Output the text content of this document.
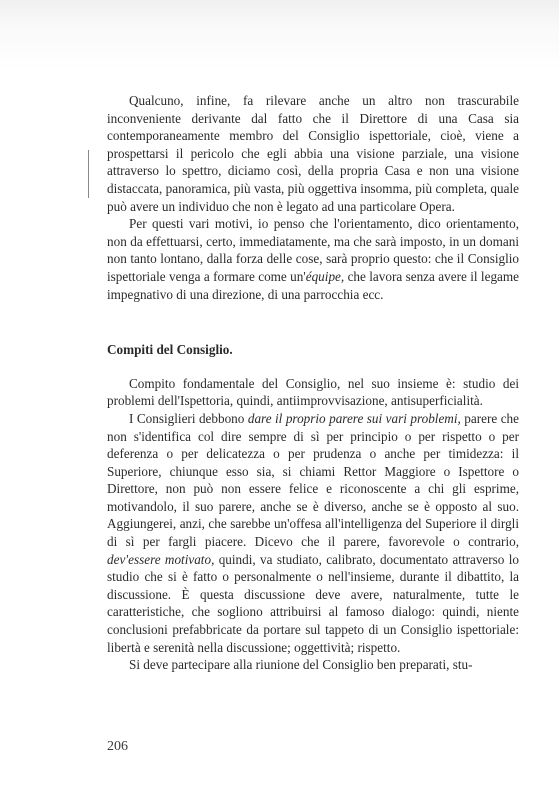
Qualcuno, infine, fa rilevare anche un altro non trascurabile inconveniente derivante dal fatto che il Direttore di una Casa sia contemporaneamente membro del Consiglio ispettoriale, cioè, viene a prospettarsi il pericolo che egli abbia una visione parziale, una visione attraverso lo spettro, diciamo così, della propria Casa e non una visione distaccata, panoramica, più vasta, più oggettiva insomma, più completa, quale può avere un individuo che non è legato ad una particolare Opera.

Per questi vari motivi, io penso che l'orientamento, dico orientamento, non da effettuarsi, certo, immediatamente, ma che sarà imposto, in un domani non tanto lontano, dalla forza delle cose, sarà proprio questo: che il Consiglio ispettoriale venga a formare come un'équipe, che lavora senza avere il legame impegnativo di una direzione, di una parrocchia ecc.

Compiti del Consiglio.

Compito fondamentale del Consiglio, nel suo insieme è: studio dei problemi dell'Ispettoria, quindi, antiimprovvisazione, antisuperficialità.

I Consiglieri debbono dare il proprio parere sui vari problemi, parere che non s'identifica col dire sempre di sì per principio o per rispetto o per deferenza o per delicatezza o per prudenza o anche per timidezza: il Superiore, chiunque esso sia, si chiami Rettor Maggiore o Ispettore o Direttore, non può non essere felice e riconoscente a chi gli esprime, motivandolo, il suo parere, anche se è diverso, anche se è opposto al suo. Aggiungerei, anzi, che sarebbe un'offesa all'intelligenza del Superiore il dirgli di sì per fargli piacere. Dicevo che il parere, favorevole o contrario, dev'essere motivato, quindi, va studiato, calibrato, documentato attraverso lo studio che si è fatto o personalmente o nell'insieme, durante il dibattito, la discussione. È questa discussione deve avere, naturalmente, tutte le caratteristiche, che sogliono attribuirsi al famoso dialogo: quindi, niente conclusioni prefabbricate da portare sul tappeto di un Consiglio ispettoriale: libertà e serenità nella discussione; oggettività; rispetto.

Si deve partecipare alla riunione del Consiglio ben preparati, stu-

206
